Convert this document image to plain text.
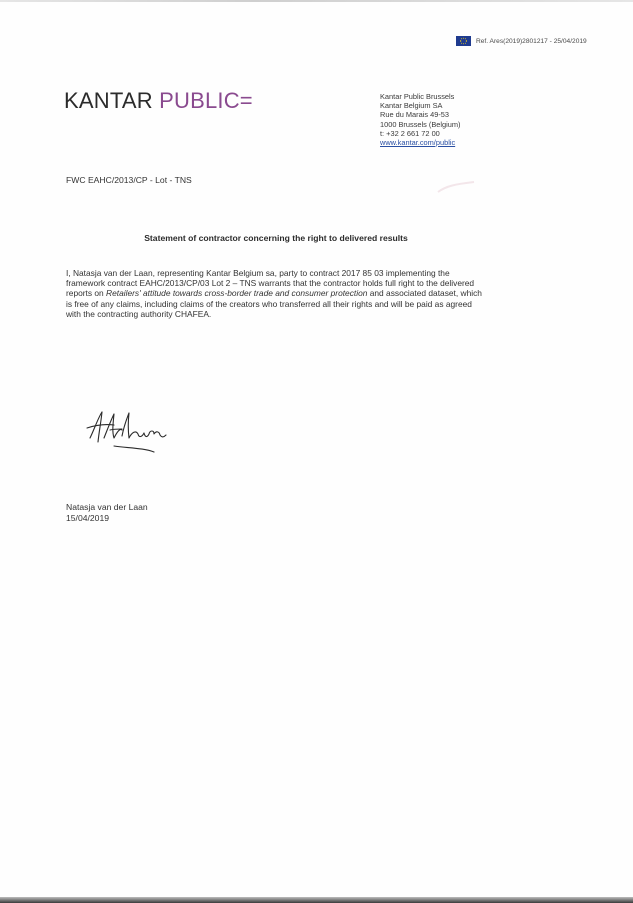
Ref. Ares(2019)2801217 - 25/04/2019
KANTAR PUBLIC=	Kantar Public Brussels
Kantar Belgium SA
Rue du Marais 49-53
1000 Brussels (Belgium)
t: +32 2 661 72 00
www.kantar.com/public
FWC EAHC/2013/CP - Lot - TNS
Statement of contractor concerning the right to delivered results
I, Natasja van der Laan, representing Kantar Belgium sa, party to contract 2017 85 03 implementing the framework contract EAHC/2013/CP/03 Lot 2 – TNS warrants that the contractor holds full right to the delivered reports on Retailers' attitude towards cross-border trade and consumer protection and associated dataset, which is free of any claims, including claims of the creators who transferred all their rights and will be paid as agreed with the contracting authority CHAFEA.
Natasja van der Laan
15/04/2019
